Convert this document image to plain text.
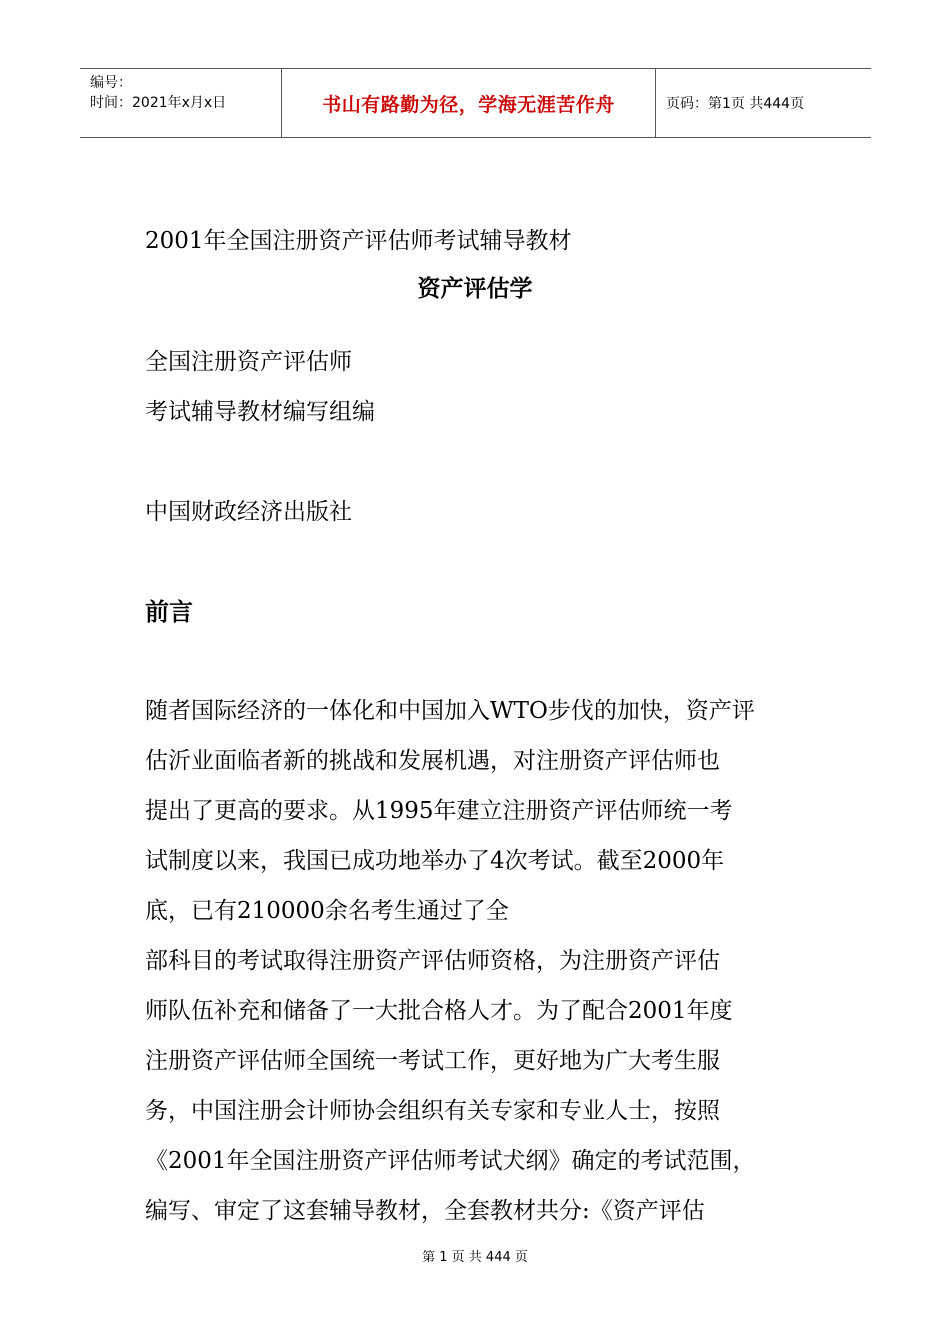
编号：
时间：2021年x月x日	书山有路勤为径，学海无涯苦作舟	页码：第1页 共444页
2001年全国注册资产评估师考试辅导教材
资产评估学
全国注册资产评估师
考试辅导教材编写组编
中国财政经济出版社
前言
随者国际经济的一体化和中国加入WTO步伐的加快，资产评
估沂业面临者新的挑战和发展机遇，对注册资产评估师也
提出了更高的要求。从1995年建立注册资产评估师统一考
试制度以来，我国已成功地举办了4次考试。截至2000年
底，已有210000余名考生通过了全
部科目的考试取得注册资产评估师资格，为注册资产评估
师队伍补充和储备了一大批合格人才。为了配合2001年度
注册资产评估师全国统一考试工作，更好地为广大考生服
务，中国注册会计师协会组织有关专家和专业人士，按照
《2001年全国注册资产评估师考试犬纲》确定的考试范围，
编写、审定了这套辅导教材，全套教材共分:《资产评估
第 1 页 共 444 页
